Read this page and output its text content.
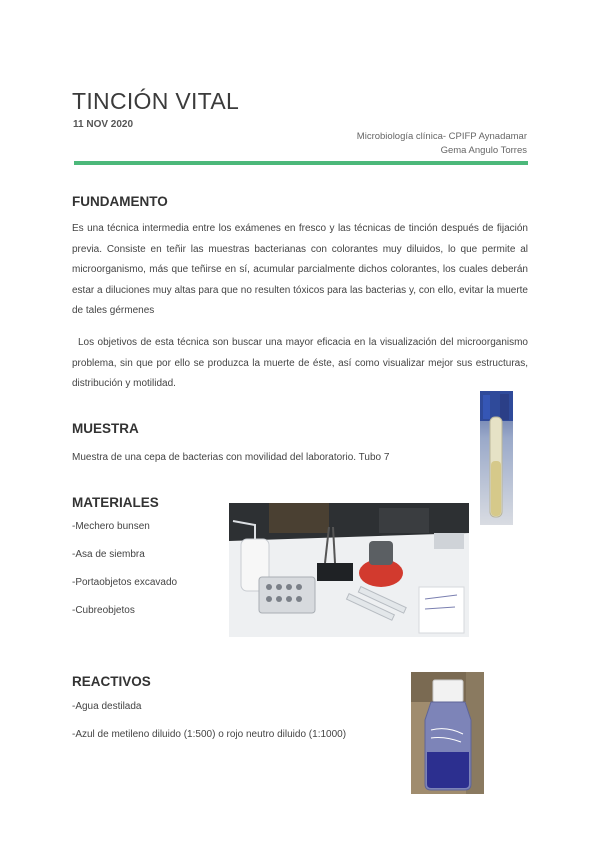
TINCIÓN VITAL
11 NOV 2020
Microbiología clínica- CPIFP Aynadamar
Gema Angulo Torres
FUNDAMENTO

Es una técnica intermedia entre los exámenes en fresco y las técnicas de tinción después de fijación previa. Consiste en teñir las muestras bacterianas con colorantes muy diluidos, lo que permite al microorganismo, más que teñirse en sí, acumular parcialmente dichos colorantes, los cuales deberán estar a diluciones muy altas para que no resulten tóxicos para las bacterias y, con ello, evitar la muerte de tales gérmenes

Los objetivos de esta técnica son buscar una mayor eficacia en la visualización del microorganismo problema, sin que por ello se produzca la muerte de éste, así como visualizar mejor sus estructuras, distribución y motilidad.

MUESTRA

Muestra de una cepa de bacterias con movilidad del laboratorio. Tubo 7

MATERIALES

-Mechero bunsen

-Asa de siembra

-Portaobjetos excavado

-Cubreobjetos

REACTIVOS

-Agua destilada

-Azul de metileno diluido (1:500) o rojo neutro diluido (1:1000)
